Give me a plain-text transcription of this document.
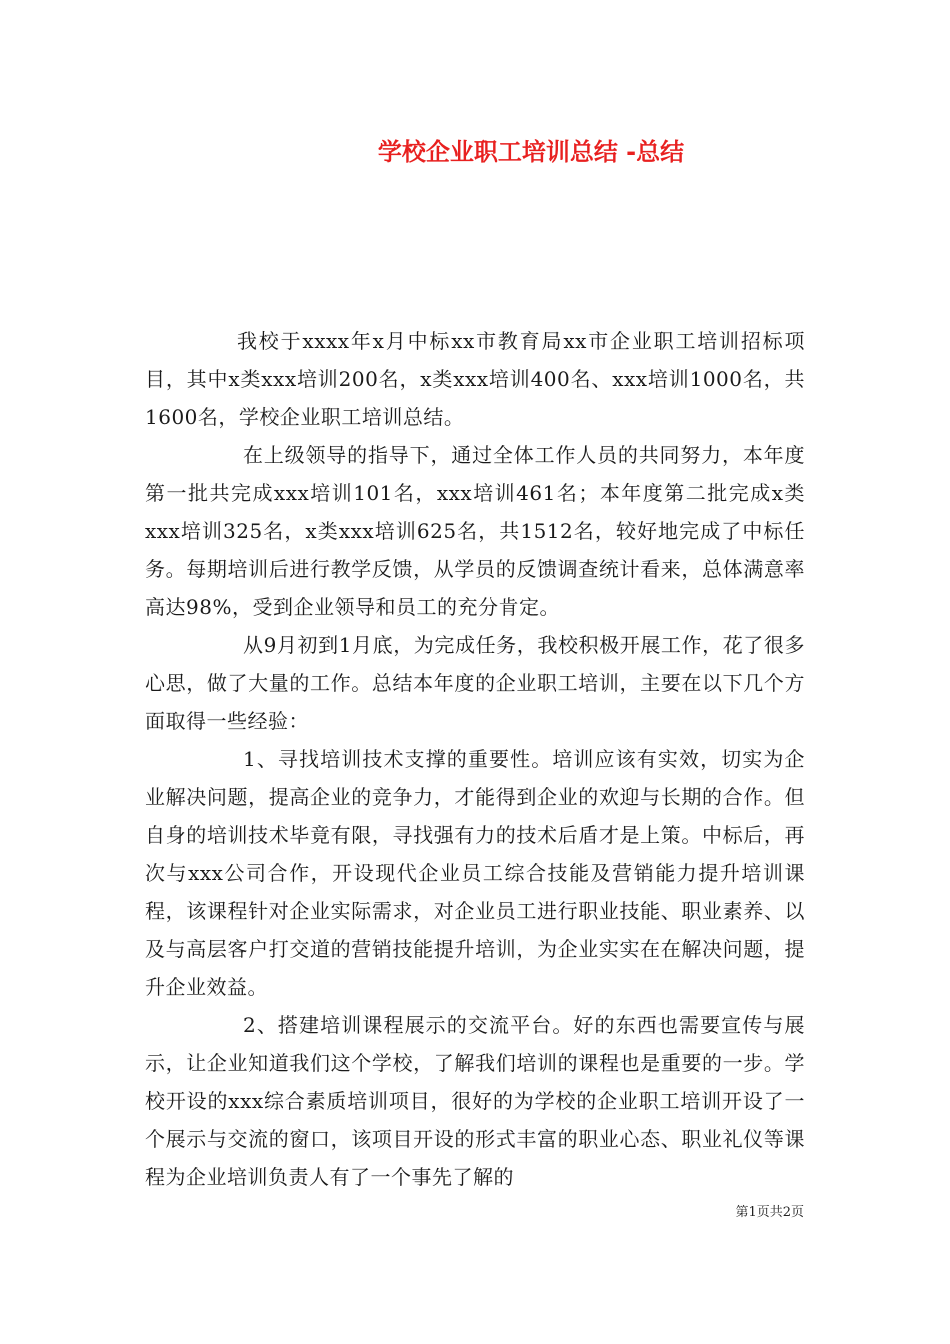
学校企业职工培训总结 -总结

我校于xxxx年x月中标xx市教育局xx市企业职工培训招标项目，其中x类xxx培训200名，x类xxx培训400名、xxx培训1000名，共1600名，学校企业职工培训总结。

在上级领导的指导下，通过全体工作人员的共同努力，本年度第一批共完成xxx培训101名，xxx培训461名；本年度第二批完成x类xxx培训325名，x类xxx培训625名，共1512名，较好地完成了中标任务。每期培训后进行教学反馈，从学员的反馈调查统计看来，总体满意率高达98%，受到企业领导和员工的充分肯定。

从9月初到1月底，为完成任务，我校积极开展工作，花了很多心思，做了大量的工作。总结本年度的企业职工培训，主要在以下几个方面取得一些经验：

1、寻找培训技术支撑的重要性。培训应该有实效，切实为企业解决问题，提高企业的竞争力，才能得到企业的欢迎与长期的合作。但自身的培训技术毕竟有限，寻找强有力的技术后盾才是上策。中标后，再次与xxx公司合作，开设现代企业员工综合技能及营销能力提升培训课程，该课程针对企业实际需求，对企业员工进行职业技能、职业素养、以及与高层客户打交道的营销技能提升培训，为企业实实在在解决问题，提升企业效益。

2、搭建培训课程展示的交流平台。好的东西也需要宣传与展示，让企业知道我们这个学校，了解我们培训的课程也是重要的一步。学校开设的xxx综合素质培训项目，很好的为学校的企业职工培训开设了一个展示与交流的窗口，该项目开设的形式丰富的职业心态、职业礼仪等课程为企业培训负责人有了一个事先了解的

第1页共2页
